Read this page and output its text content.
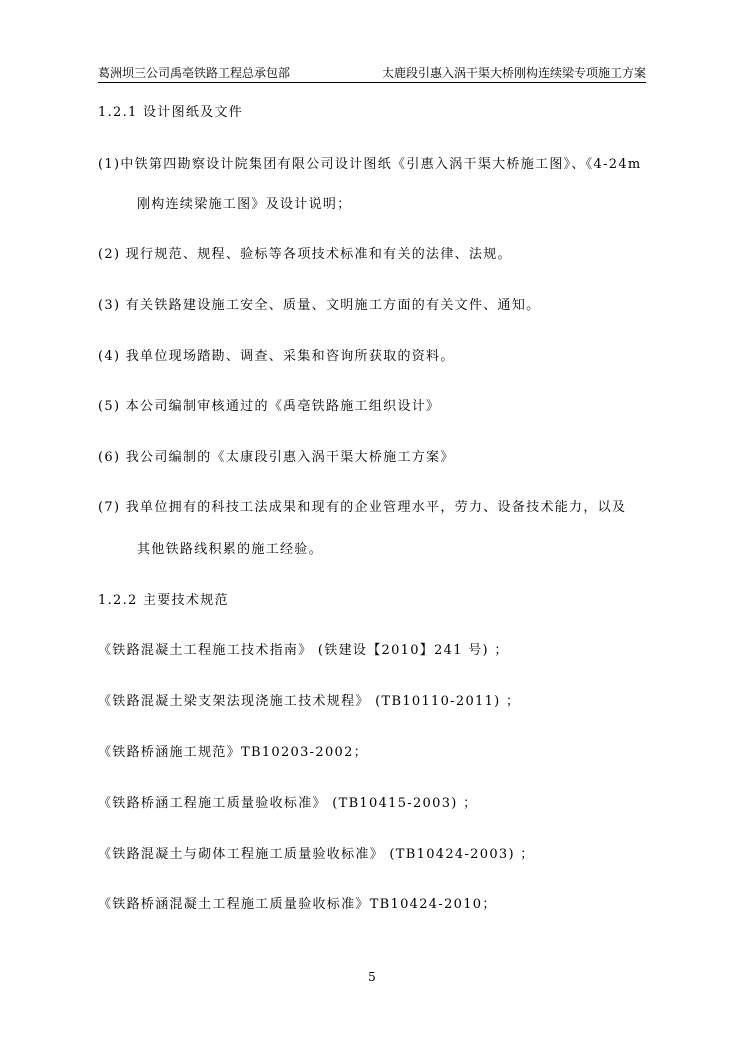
葛洲坝三公司禹亳铁路工程总承包部	太鹿段引惠入涡干渠大桥刚构连续梁专项施工方案
1.2.1 设计图纸及文件
(1)中铁第四勘察设计院集团有限公司设计图纸《引惠入涡干渠大桥施工图》、《4-24m
刚构连续梁施工图》及设计说明；
(2) 现行规范、规程、验标等各项技术标准和有关的法律、法规。
(3) 有关铁路建设施工安全、质量、文明施工方面的有关文件、通知。
(4) 我单位现场踏勘、调查、采集和咨询所获取的资料。
(5) 本公司编制审核通过的《禹亳铁路施工组织设计》
(6) 我公司编制的《太康段引惠入涡干渠大桥施工方案》
(7) 我单位拥有的科技工法成果和现有的企业管理水平，劳力、设备技术能力，以及
其他铁路线积累的施工经验。
1.2.2 主要技术规范
《铁路混凝土工程施工技术指南》 (铁建设【2010】241 号) ；
《铁路混凝土梁支架法现浇施工技术规程》 (TB10110-2011) ；
《铁路桥涵施工规范》TB10203-2002；
《铁路桥涵工程施工质量验收标准》 (TB10415-2003) ；
《铁路混凝土与砌体工程施工质量验收标准》 (TB10424-2003) ；
《铁路桥涵混凝土工程施工质量验收标准》TB10424-2010；
5
